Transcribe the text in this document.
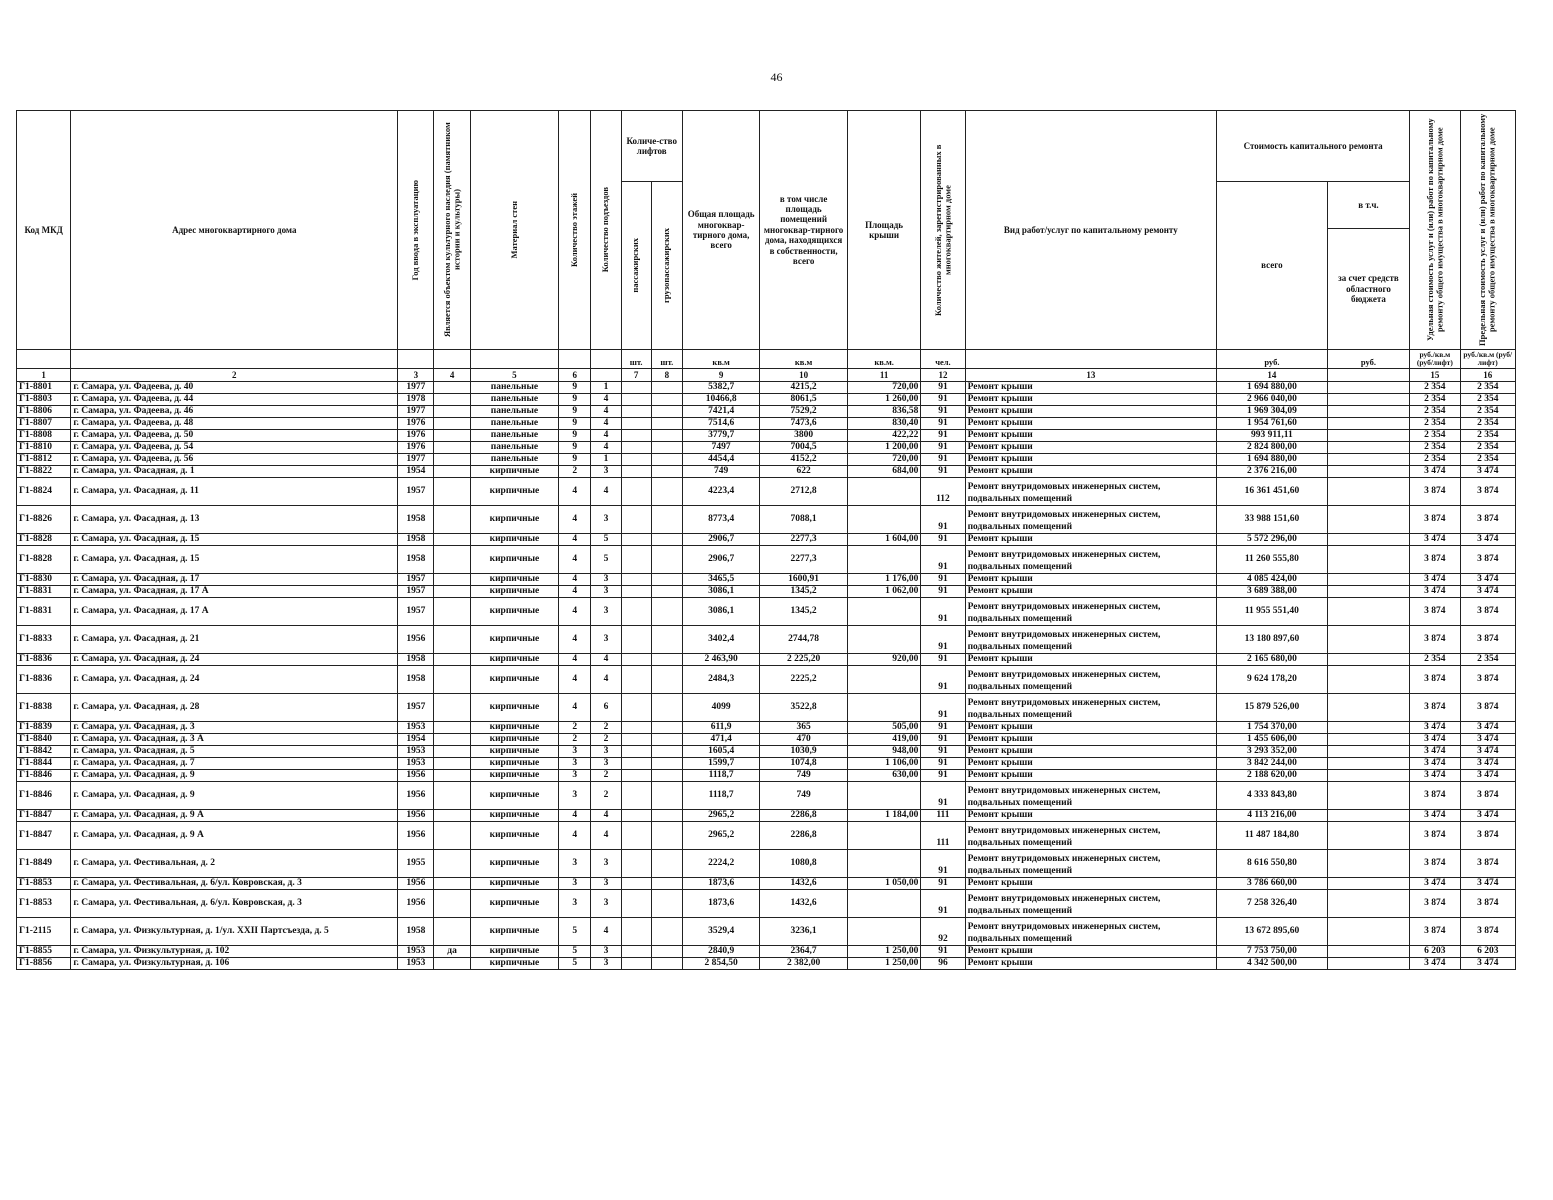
46
Код МКД	Адрес многоквартирного дома	Год ввода в эксплуатацию	Является объектом культурного наследия (памятником истории и культуры)	Материал стен	Количество этажей	Количество подъездов	Количе-ство лифтов		Общая площадь многоквар-тирного дома, всего	в том числе площадь помещений многоквар-тирного дома, находящихся в собственности, всего	Площадь крыши	Количество жителей, зарегистрированных в многоквартирном доме	Вид работ/услуг по капитальному ремонту	Стоимость капитального ремонта		Удельная стоимость услуг и (или) работ по капитальному ремонту общего имущества в многоквартирном доме	Предельная стоимость услуг и (или) работ по капитальному ремонту общего имущества в многоквартирном доме

							пассажирских	грузопассажирских						всего	в т.ч.		
															за счет средств областного бюджета		
							шт.	шт.	кв.м	кв.м	кв.м.	чел.		руб.	руб.	руб./кв.м (руб/лифт)	руб./кв.м (руб/лифт)
1	2	3	4	5	6		7	8	9	10	11	12	13	14		15	16
Г1-8801	г. Самара, ул. Фадеева, д. 40	1977		панельные	9	1			5382,7	4215,2	720,00	91	Ремонт крыши	1 694 880,00		2 354	2 354
Г1-8803	г. Самара, ул. Фадеева, д. 44	1978		панельные	9	4			10466,8	8061,5	1 260,00	91	Ремонт крыши	2 966 040,00		2 354	2 354
Г1-8806	г. Самара, ул. Фадеева, д. 46	1977		панельные	9	4			7421,4	7529,2	836,58	91	Ремонт крыши	1 969 304,09		2 354	2 354
Г1-8807	г. Самара, ул. Фадеева, д. 48	1976		панельные	9	4			7514,6	7473,6	830,40	91	Ремонт крыши	1 954 761,60		2 354	2 354
Г1-8808	г. Самара, ул. Фадеева, д. 50	1976		панельные	9	4			3779,7	3800	422,22	91	Ремонт крыши	993 911,11		2 354	2 354
Г1-8810	г. Самара, ул. Фадеева, д. 54	1976		панельные	9	4			7497	7004,5	1 200,00	91	Ремонт крыши	2 824 800,00		2 354	2 354
Г1-8812	г. Самара, ул. Фадеева, д. 56	1977		панельные	9	1			4454,4	4152,2	720,00	91	Ремонт крыши	1 694 880,00		2 354	2 354
Г1-8822	г. Самара, ул. Фасадная, д. 1	1954		кирпичные	2	3			749	622	684,00	91	Ремонт крыши	2 376 216,00		3 474	3 474
Г1-8824	г. Самара, ул. Фасадная, д. 11	1957		кирпичные	4	4			4223,4	2712,8		112	Ремонт внутридомовых инженерных систем, подвальных помещений	16 361 451,60		3 874	3 874
Г1-8826	г. Самара, ул. Фасадная, д. 13	1958		кирпичные	4	3			8773,4	7088,1		91	Ремонт внутридомовых инженерных систем, подвальных помещений	33 988 151,60		3 874	3 874
Г1-8828	г. Самара, ул. Фасадная, д. 15	1958		кирпичные	4	5			2906,7	2277,3	1 604,00	91	Ремонт крыши	5 572 296,00		3 474	3 474
Г1-8828	г. Самара, ул. Фасадная, д. 15	1958		кирпичные	4	5			2906,7	2277,3		91	Ремонт внутридомовых инженерных систем, подвальных помещений	11 260 555,80		3 874	3 874
Г1-8830	г. Самара, ул. Фасадная, д. 17	1957		кирпичные	4	3			3465,5	1600,91	1 176,00	91	Ремонт крыши	4 085 424,00		3 474	3 474
Г1-8831	г. Самара, ул. Фасадная, д. 17 А	1957		кирпичные	4	3			3086,1	1345,2	1 062,00	91	Ремонт крыши	3 689 388,00		3 474	3 474
Г1-8831	г. Самара, ул. Фасадная, д. 17 А	1957		кирпичные	4	3			3086,1	1345,2		91	Ремонт внутридомовых инженерных систем, подвальных помещений	11 955 551,40		3 874	3 874
Г1-8833	г. Самара, ул. Фасадная, д. 21	1956		кирпичные	4	3			3402,4	2744,78		91	Ремонт внутридомовых инженерных систем, подвальных помещений	13 180 897,60		3 874	3 874
Г1-8836	г. Самара, ул. Фасадная, д. 24	1958		кирпичные	4	4			2 463,90	2 225,20	920,00	91	Ремонт крыши	2 165 680,00		2 354	2 354
Г1-8836	г. Самара, ул. Фасадная, д. 24	1958		кирпичные	4	4			2484,3	2225,2		91	Ремонт внутридомовых инженерных систем, подвальных помещений	9 624 178,20		3 874	3 874
Г1-8838	г. Самара, ул. Фасадная, д. 28	1957		кирпичные	4	6			4099	3522,8		91	Ремонт внутридомовых инженерных систем, подвальных помещений	15 879 526,00		3 874	3 874
Г1-8839	г. Самара, ул. Фасадная, д. 3	1953		кирпичные	2	2			611,9	365	505,00	91	Ремонт крыши	1 754 370,00		3 474	3 474
Г1-8840	г. Самара, ул. Фасадная, д. 3 А	1954		кирпичные	2	2			471,4	470	419,00	91	Ремонт крыши	1 455 606,00		3 474	3 474
Г1-8842	г. Самара, ул. Фасадная, д. 5	1953		кирпичные	3	3			1605,4	1030,9	948,00	91	Ремонт крыши	3 293 352,00		3 474	3 474
Г1-8844	г. Самара, ул. Фасадная, д. 7	1953		кирпичные	3	3			1599,7	1074,8	1 106,00	91	Ремонт крыши	3 842 244,00		3 474	3 474
Г1-8846	г. Самара, ул. Фасадная, д. 9	1956		кирпичные	3	2			1118,7	749	630,00	91	Ремонт крыши	2 188 620,00		3 474	3 474
Г1-8846	г. Самара, ул. Фасадная, д. 9	1956		кирпичные	3	2			1118,7	749		91	Ремонт внутридомовых инженерных систем, подвальных помещений	4 333 843,80		3 874	3 874
Г1-8847	г. Самара, ул. Фасадная, д. 9 А	1956		кирпичные	4	4			2965,2	2286,8	1 184,00	111	Ремонт крыши	4 113 216,00		3 474	3 474
Г1-8847	г. Самара, ул. Фасадная, д. 9 А	1956		кирпичные	4	4			2965,2	2286,8		111	Ремонт внутридомовых инженерных систем, подвальных помещений	11 487 184,80		3 874	3 874
Г1-8849	г. Самара, ул. Фестивальная, д. 2	1955		кирпичные	3	3			2224,2	1080,8		91	Ремонт внутридомовых инженерных систем, подвальных помещений	8 616 550,80		3 874	3 874
Г1-8853	г. Самара, ул. Фестивальная, д. 6/ул. Ковровская, д. 3	1956		кирпичные	3	3			1873,6	1432,6	1 050,00	91	Ремонт крыши	3 786 660,00		3 474	3 474
Г1-8853	г. Самара, ул. Фестивальная, д. 6/ул. Ковровская, д. 3	1956		кирпичные	3	3			1873,6	1432,6		91	Ремонт внутридомовых инженерных систем, подвальных помещений	7 258 326,40		3 874	3 874
Г1-2115	г. Самара, ул. Физкультурная, д. 1/ул. XXII Партсъезда, д. 5	1958		кирпичные	5	4			3529,4	3236,1		92	Ремонт внутридомовых инженерных систем, подвальных помещений	13 672 895,60		3 874	3 874
Г1-8855	г. Самара, ул. Физкультурная, д. 102	1953	да	кирпичные	5	3			2840,9	2364,7	1 250,00	91	Ремонт крыши	7 753 750,00		6 203	6 203
Г1-8856	г. Самара, ул. Физкультурная, д. 106	1953		кирпичные	5	3			2 854,50	2 382,00	1 250,00	96	Ремонт крыши	4 342 500,00		3 474	3 474
